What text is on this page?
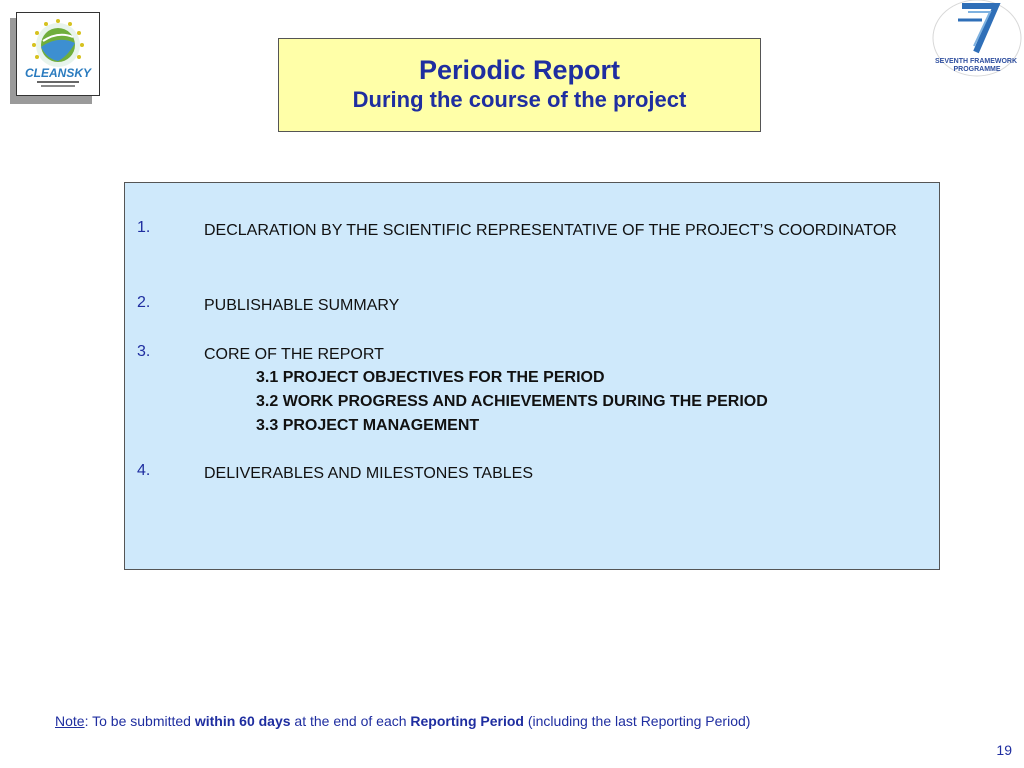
CLEANSKY
SEVENTH FRAMEWORK PROGRAMME
Periodic Report
During the course of the project
1.	DECLARATION BY THE SCIENTIFIC REPRESENTATIVE OF THE PROJECT’S COORDINATOR
2.	PUBLISHABLE SUMMARY
3.	CORE OF THE REPORT
3.1 PROJECT OBJECTIVES FOR THE PERIOD
3.2 WORK PROGRESS AND ACHIEVEMENTS DURING THE PERIOD
3.3 PROJECT MANAGEMENT
4.	DELIVERABLES AND MILESTONES TABLES
Note: To be submitted within 60 days at the end of each Reporting Period (including the last Reporting Period)
19
